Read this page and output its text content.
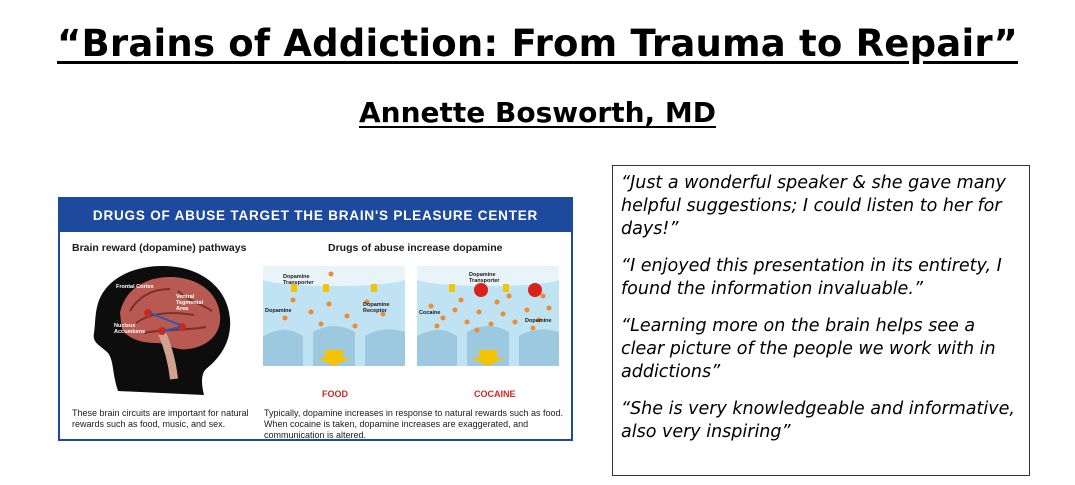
“Brains of Addiction: From Trauma to Repair”
Annette Bosworth, MD
DRUGS OF ABUSE TARGET THE BRAIN'S PLEASURE CENTER
Brain reward (dopamine) pathways	Drugs of abuse increase dopamine
Frontal Cortex
Ventral Tegmental Area
Nucleus Accumbens
Dopamine Transporter
Dopamine
Dopamine Receptor
FOOD
Dopamine Transporter
Cocaine
Dopamine
COCAINE
These brain circuits are important for natural rewards such as food, music, and sex.
Typically, dopamine increases in response to natural rewards such as food.
When cocaine is taken, dopamine increases are exaggerated, and communication is altered.

“Just a wonderful speaker & she gave many helpful suggestions; I could listen to her for days!”

“I enjoyed this presentation in its entirety, I found the information invaluable.”

“Learning more on the brain helps see a clear picture of the people we work with in addictions”

“She is very knowledgeable and informative, also very inspiring”
